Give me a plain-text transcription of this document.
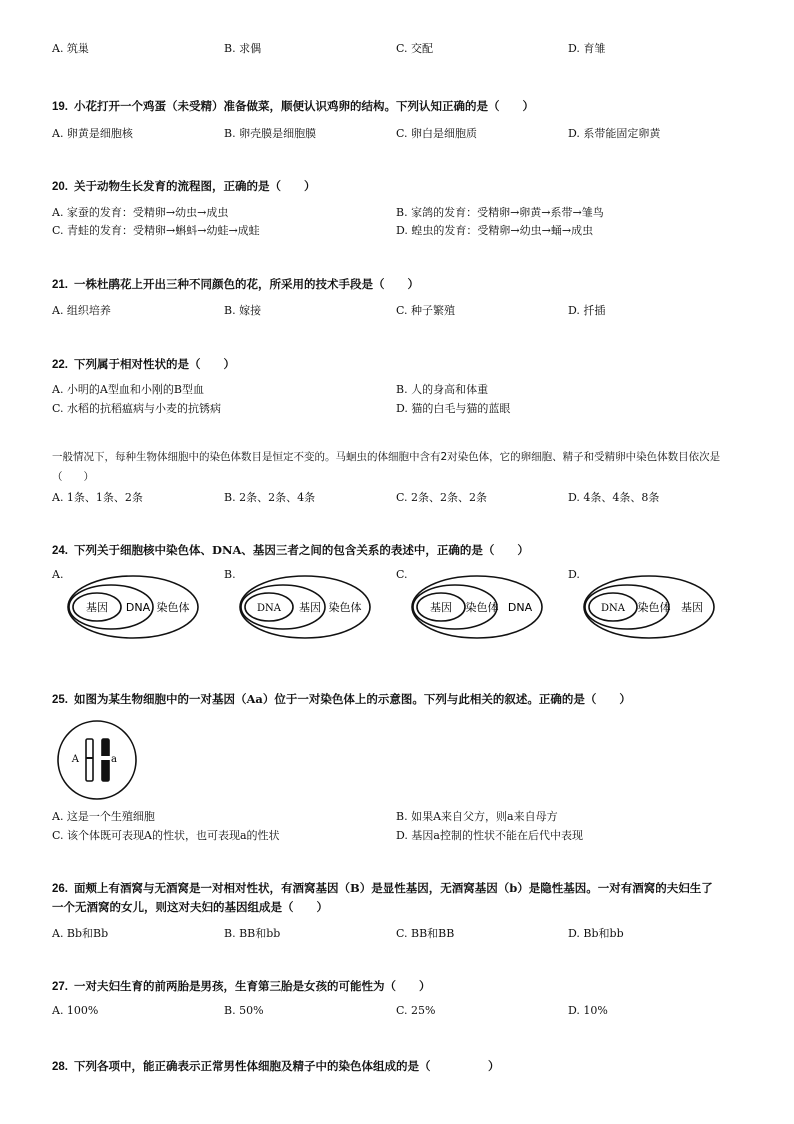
A. 筑巢	B. 求偶	C. 交配	D. 育雏
19. 小花打开一个鸡蛋（未受精）准备做菜，顺便认识鸡卵的结构。下列认知正确的是（　　）
A. 卵黄是细胞核	B. 卵壳膜是细胞膜	C. 卵白是细胞质	D. 系带能固定卵黄
20. 关于动物生长发育的流程图，正确的是（　　）
A. 家蚕的发育：受精卵→幼虫→成虫	B. 家鸽的发育：受精卵→卵黄→系带→雏鸟
C. 青蛙的发育：受精卵→蝌蚪→幼蛙→成蛙	D. 蝗虫的发育：受精卵→幼虫→蛹→成虫
21. 一株杜鹃花上开出三种不同颜色的花，所采用的技术手段是（　　）
A. 组织培养	B. 嫁接	C. 种子繁殖	D. 扦插
22. 下列属于相对性状的是（　　）
A. 小明的A型血和小刚的B型血	B. 人的身高和体重
C. 水稻的抗稻瘟病与小麦的抗锈病	D. 猫的白毛与猫的蓝眼
一般情况下，每种生物体细胞中的染色体数目是恒定不变的。马蛔虫的体细胞中含有2对染色体，它的卵细胞、精子和受精卵中染色体数目依次是
（　　）
A. 1条、1条、2条	B. 2条、2条、4条	C. 2条、2条、2条	D. 4条、4条、8条
24. 下列关于细胞核中染色体、DNA、基因三者之间的包含关系的表述中，正确的是（　　）
A.	B.	C.	D.
基因 DNA 染色体	DNA 基因 染色体	基因 染色体 DNA	DNA 染色体 基因
25. 如图为某生物细胞中的一对基因（Aa）位于一对染色体上的示意图。下列与此相关的叙述。正确的是（　　）
A	a
A. 这是一个生殖细胞	B. 如果A来自父方，则a来自母方
C. 该个体既可表现A的性状，也可表现a的性状	D. 基因a控制的性状不能在后代中表现
26. 面颊上有酒窝与无酒窝是一对相对性状，有酒窝基因（B）是显性基因，无酒窝基因（b）是隐性基因。一对有酒窝的夫妇生了
一个无酒窝的女儿，则这对夫妇的基因组成是（　　）
A. Bb和Bb	B. BB和bb	C. BB和BB	D. Bb和bb
27. 一对夫妇生育的前两胎是男孩，生育第三胎是女孩的可能性为（　　）
A. 100%	B. 50%	C. 25%	D. 10%
28. 下列各项中，能正确表示正常男性体细胞及精子中的染色体组成的是（　　　　　）
